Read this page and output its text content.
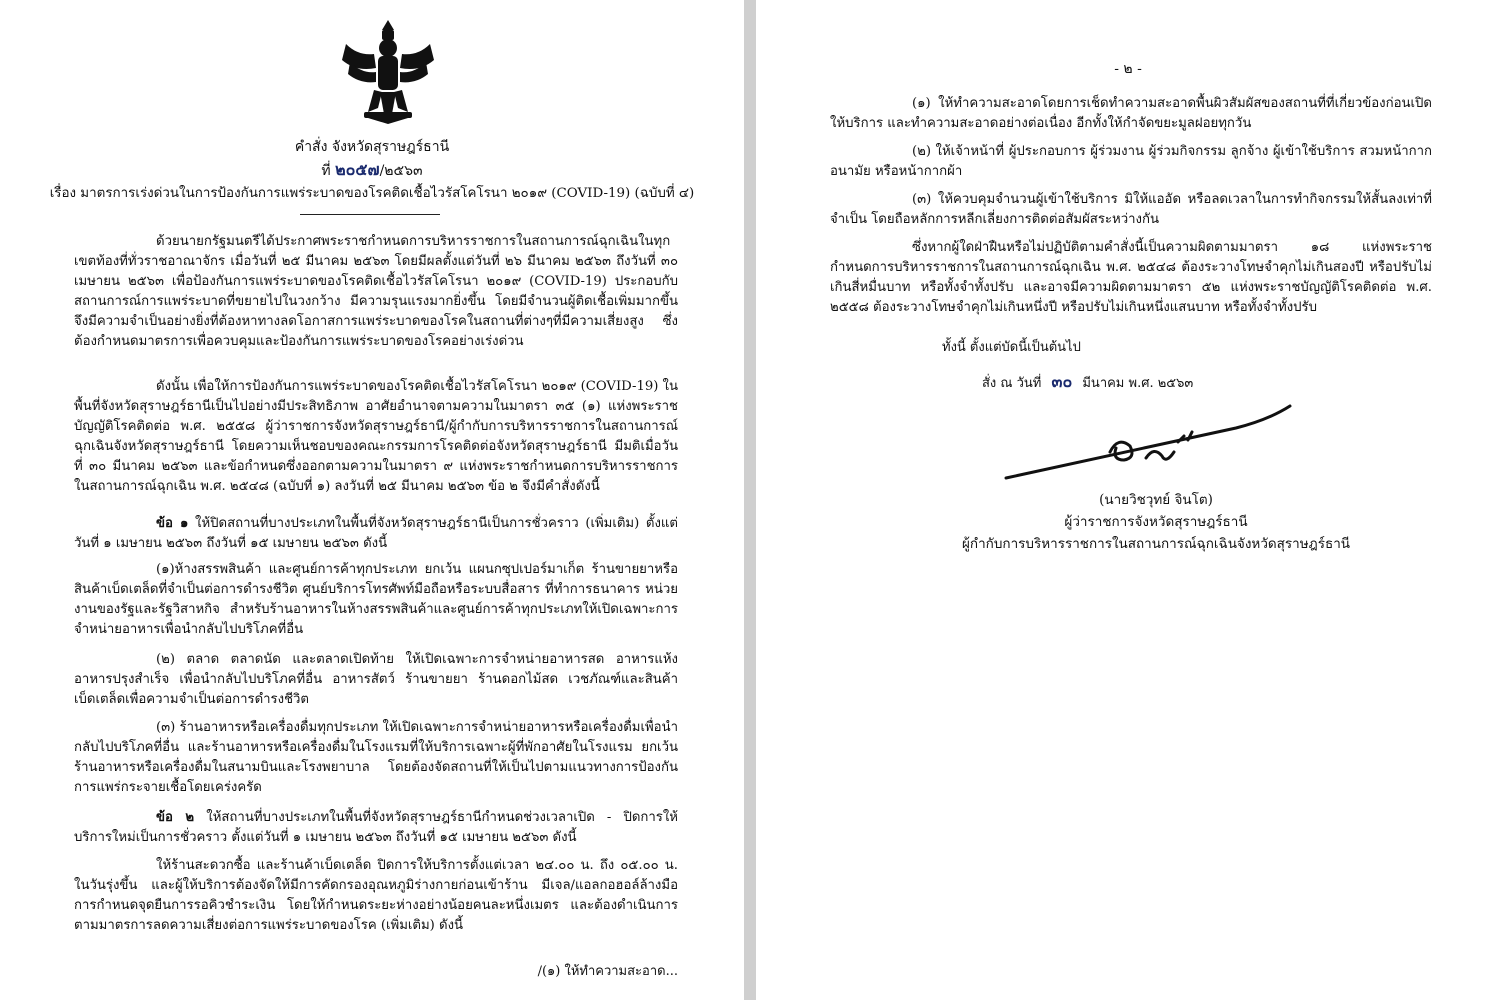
คำสั่ง จังหวัดสุราษฎร์ธานี
ที่ ๒๐๕๗/๒๕๖๓
เรื่อง มาตรการเร่งด่วนในการป้องกันการแพร่ระบาดของโรคติดเชื้อไวรัสโคโรนา ๒๐๑๙ (COVID-19) (ฉบับที่ ๔)

ด้วยนายกรัฐมนตรีได้ประกาศพระราชกำหนดการบริหารราชการในสถานการณ์ฉุกเฉินในทุกเขตท้องที่ทั่วราชอาณาจักร เมื่อวันที่ ๒๕ มีนาคม ๒๕๖๓ โดยมีผลตั้งแต่วันที่ ๒๖ มีนาคม ๒๕๖๓ ถึงวันที่ ๓๐ เมษายน ๒๕๖๓ เพื่อป้องกันการแพร่ระบาดของโรคติดเชื้อไวรัสโคโรนา ๒๐๑๙ (COVID-19) ประกอบกับสถานการณ์การแพร่ระบาดที่ขยายไปในวงกว้าง มีความรุนแรงมากยิ่งขึ้น โดยมีจำนวนผู้ติดเชื้อเพิ่มมากขึ้น จึงมีความจำเป็นอย่างยิ่งที่ต้องหาทางลดโอกาสการแพร่ระบาดของโรคในสถานที่ต่างๆที่มีความเสี่ยงสูง ซึ่งต้องกำหนดมาตรการเพื่อควบคุมและป้องกันการแพร่ระบาดของโรคอย่างเร่งด่วน

ดังนั้น เพื่อให้การป้องกันการแพร่ระบาดของโรคติดเชื้อไวรัสโคโรนา ๒๐๑๙ (COVID-19) ในพื้นที่จังหวัดสุราษฎร์ธานีเป็นไปอย่างมีประสิทธิภาพ อาศัยอำนาจตามความในมาตรา ๓๕ (๑) แห่งพระราชบัญญัติโรคติดต่อ พ.ศ. ๒๕๕๘ ผู้ว่าราชการจังหวัดสุราษฎร์ธานี/ผู้กำกับการบริหารราชการในสถานการณ์ฉุกเฉินจังหวัดสุราษฎร์ธานี โดยความเห็นชอบของคณะกรรมการโรคติดต่อจังหวัดสุราษฎร์ธานี มีมติเมื่อวันที่ ๓๐ มีนาคม ๒๕๖๓ และข้อกำหนดซึ่งออกตามความในมาตรา ๙ แห่งพระราชกำหนดการบริหารราชการในสถานการณ์ฉุกเฉิน พ.ศ. ๒๕๔๘ (ฉบับที่ ๑) ลงวันที่ ๒๕ มีนาคม ๒๕๖๓ ข้อ ๒ จึงมีคำสั่งดังนี้

ข้อ ๑ ให้ปิดสถานที่บางประเภทในพื้นที่จังหวัดสุราษฎร์ธานีเป็นการชั่วคราว (เพิ่มเติม) ตั้งแต่วันที่ ๑ เมษายน ๒๕๖๓ ถึงวันที่ ๑๕ เมษายน ๒๕๖๓ ดังนี้

(๑)ห้างสรรพสินค้า และศูนย์การค้าทุกประเภท ยกเว้น แผนกซุปเปอร์มาเก็ต ร้านขายยาหรือสินค้าเบ็ดเตล็ดที่จำเป็นต่อการดำรงชีวิต ศูนย์บริการโทรศัพท์มือถือหรือระบบสื่อสาร ที่ทำการธนาคาร หน่วยงานของรัฐและรัฐวิสาหกิจ สำหรับร้านอาหารในห้างสรรพสินค้าและศูนย์การค้าทุกประเภทให้เปิดเฉพาะการจำหน่ายอาหารเพื่อนำกลับไปบริโภคที่อื่น

(๒) ตลาด ตลาดนัด และตลาดเปิดท้าย ให้เปิดเฉพาะการจำหน่ายอาหารสด อาหารแห้ง อาหารปรุงสำเร็จ เพื่อนำกลับไปบริโภคที่อื่น อาหารสัตว์ ร้านขายยา ร้านดอกไม้สด เวชภัณฑ์และสินค้าเบ็ดเตล็ดเพื่อความจำเป็นต่อการดำรงชีวิต

(๓) ร้านอาหารหรือเครื่องดื่มทุกประเภท ให้เปิดเฉพาะการจำหน่ายอาหารหรือเครื่องดื่มเพื่อนำกลับไปบริโภคที่อื่น และร้านอาหารหรือเครื่องดื่มในโรงแรมที่ให้บริการเฉพาะผู้ที่พักอาศัยในโรงแรม ยกเว้นร้านอาหารหรือเครื่องดื่มในสนามบินและโรงพยาบาล โดยต้องจัดสถานที่ให้เป็นไปตามแนวทางการป้องกันการแพร่กระจายเชื้อโดยเคร่งครัด

ข้อ ๒ ให้สถานที่บางประเภทในพื้นที่จังหวัดสุราษฎร์ธานีกำหนดช่วงเวลาเปิด - ปิดการให้บริการใหม่เป็นการชั่วคราว ตั้งแต่วันที่ ๑ เมษายน ๒๕๖๓ ถึงวันที่ ๑๕ เมษายน ๒๕๖๓ ดังนี้

ให้ร้านสะดวกซื้อ และร้านค้าเบ็ดเตล็ด ปิดการให้บริการตั้งแต่เวลา ๒๔.๐๐ น. ถึง ๐๕.๐๐ น. ในวันรุ่งขึ้น และผู้ให้บริการต้องจัดให้มีการคัดกรองอุณหภูมิร่างกายก่อนเข้าร้าน มีเจล/แอลกอฮอล์ล้างมือ การกำหนดจุดยืนการรอคิวชำระเงิน โดยให้กำหนดระยะห่างอย่างน้อยคนละหนึ่งเมตร และต้องดำเนินการตามมาตรการลดความเสี่ยงต่อการแพร่ระบาดของโรค (เพิ่มเติม) ดังนี้

/(๑) ให้ทำความสะอาด...
- ๒ -

(๑) ให้ทำความสะอาดโดยการเช็ดทำความสะอาดพื้นผิวสัมผัสของสถานที่ที่เกี่ยวข้องก่อนเปิดให้บริการ และทำความสะอาดอย่างต่อเนื่อง อีกทั้งให้กำจัดขยะมูลฝอยทุกวัน

(๒) ให้เจ้าหน้าที่ ผู้ประกอบการ ผู้ร่วมงาน ผู้ร่วมกิจกรรม ลูกจ้าง ผู้เข้าใช้บริการ สวมหน้ากากอนามัย หรือหน้ากากผ้า

(๓) ให้ควบคุมจำนวนผู้เข้าใช้บริการ มิให้แออัด หรือลดเวลาในการทำกิจกรรมให้สั้นลงเท่าที่จำเป็น โดยถือหลักการหลีกเลี่ยงการติดต่อสัมผัสระหว่างกัน

ซึ่งหากผู้ใดฝ่าฝืนหรือไม่ปฏิบัติตามคำสั่งนี้เป็นความผิดตามมาตรา ๑๘ แห่งพระราชกำหนดการบริหารราชการในสถานการณ์ฉุกเฉิน พ.ศ. ๒๕๔๘ ต้องระวางโทษจำคุกไม่เกินสองปี หรือปรับไม่เกินสี่หมื่นบาท หรือทั้งจำทั้งปรับ และอาจมีความผิดตามมาตรา ๕๒ แห่งพระราชบัญญัติโรคติดต่อ พ.ศ. ๒๕๕๘ ต้องระวางโทษจำคุกไม่เกินหนึ่งปี หรือปรับไม่เกินหนึ่งแสนบาท หรือทั้งจำทั้งปรับ

ทั้งนี้ ตั้งแต่บัดนี้เป็นต้นไป
สั่ง ณ วันที่ ๓๐ มีนาคม พ.ศ. ๒๕๖๓
(นายวิชวุทย์ จินโต)
ผู้ว่าราชการจังหวัดสุราษฎร์ธานี
ผู้กำกับการบริหารราชการในสถานการณ์ฉุกเฉินจังหวัดสุราษฎร์ธานี
